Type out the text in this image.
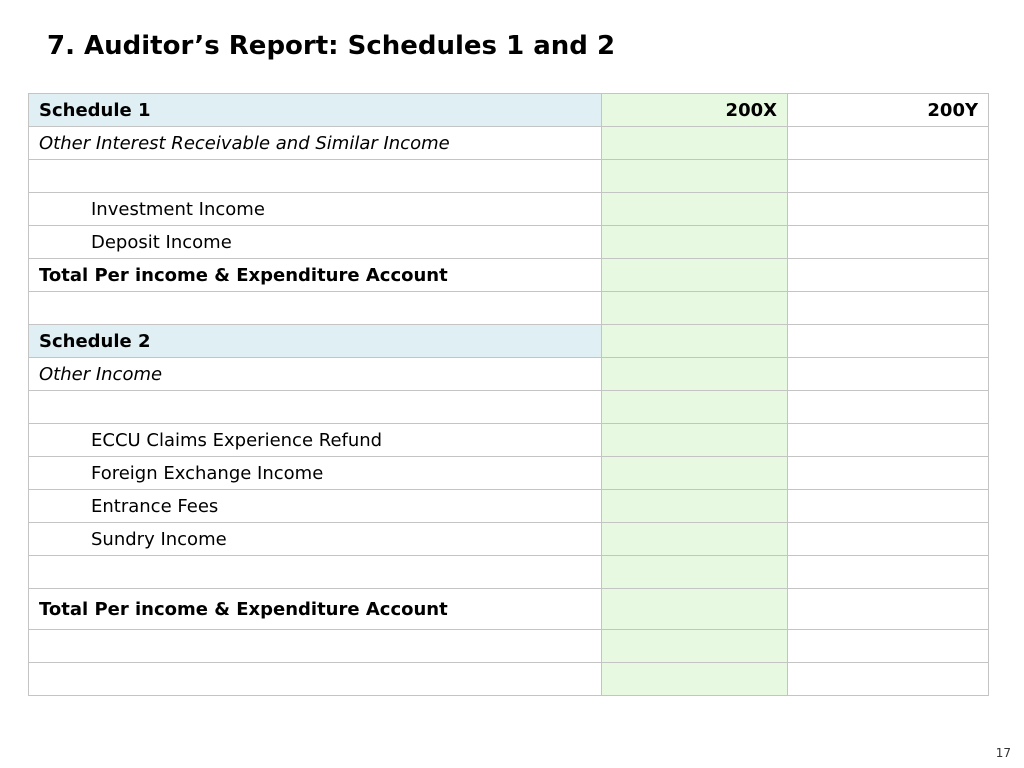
7. Auditor’s Report: Schedules 1 and 2
Schedule 1	200X	200Y
Other Interest Receivable and Similar Income		

Investment Income		
Deposit Income		
Total Per income & Expenditure Account		

Schedule 2		
Other Income		

ECCU Claims Experience Refund		
Foreign Exchange Income		
Entrance Fees		
Sundry Income		

Total Per income & Expenditure Account		

17
